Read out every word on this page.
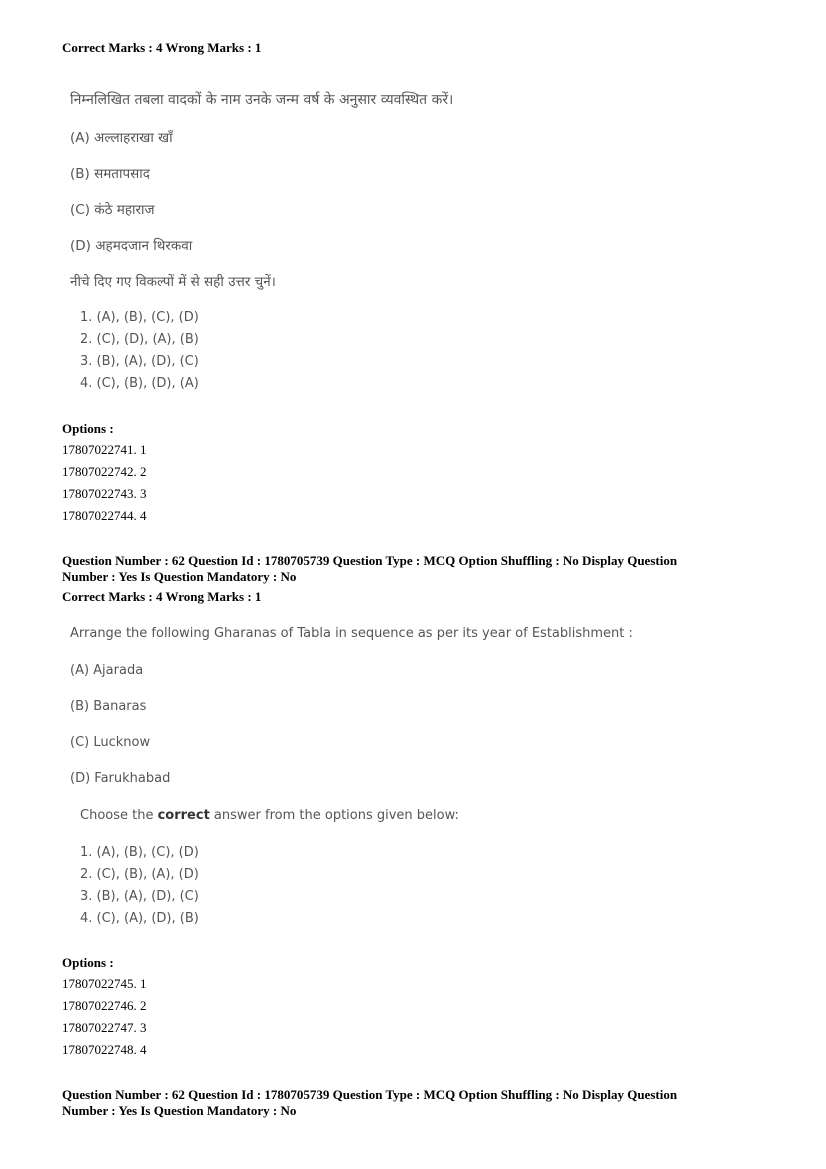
Correct Marks : 4 Wrong Marks : 1
निम्नलिखित तबला वादकों के नाम उनके जन्म वर्ष के अनुसार व्यवस्थित करें।
(A) अल्लाहराखा खाँ
(B) समतापसाद
(C) कंठे महाराज
(D) अहमदजान थिरकवा
नीचे दिए गए विकल्पों में से सही उत्तर चुनें।
1. (A), (B), (C), (D)
2. (C), (D), (A), (B)
3. (B), (A), (D), (C)
4. (C), (B), (D), (A)
Options :
17807022741. 1
17807022742. 2
17807022743. 3
17807022744. 4
Question Number : 62 Question Id : 1780705739 Question Type : MCQ Option Shuffling : No Display Question
Number : Yes Is Question Mandatory : No
Correct Marks : 4 Wrong Marks : 1
Arrange the following Gharanas of Tabla in sequence as per its year of Establishment :
(A) Ajarada
(B) Banaras
(C) Lucknow
(D) Farukhabad
Choose the correct answer from the options given below:
1. (A), (B), (C), (D)
2. (C), (B), (A), (D)
3. (B), (A), (D), (C)
4. (C), (A), (D), (B)
Options :
17807022745. 1
17807022746. 2
17807022747. 3
17807022748. 4
Question Number : 62 Question Id : 1780705739 Question Type : MCQ Option Shuffling : No Display Question
Number : Yes Is Question Mandatory : No
